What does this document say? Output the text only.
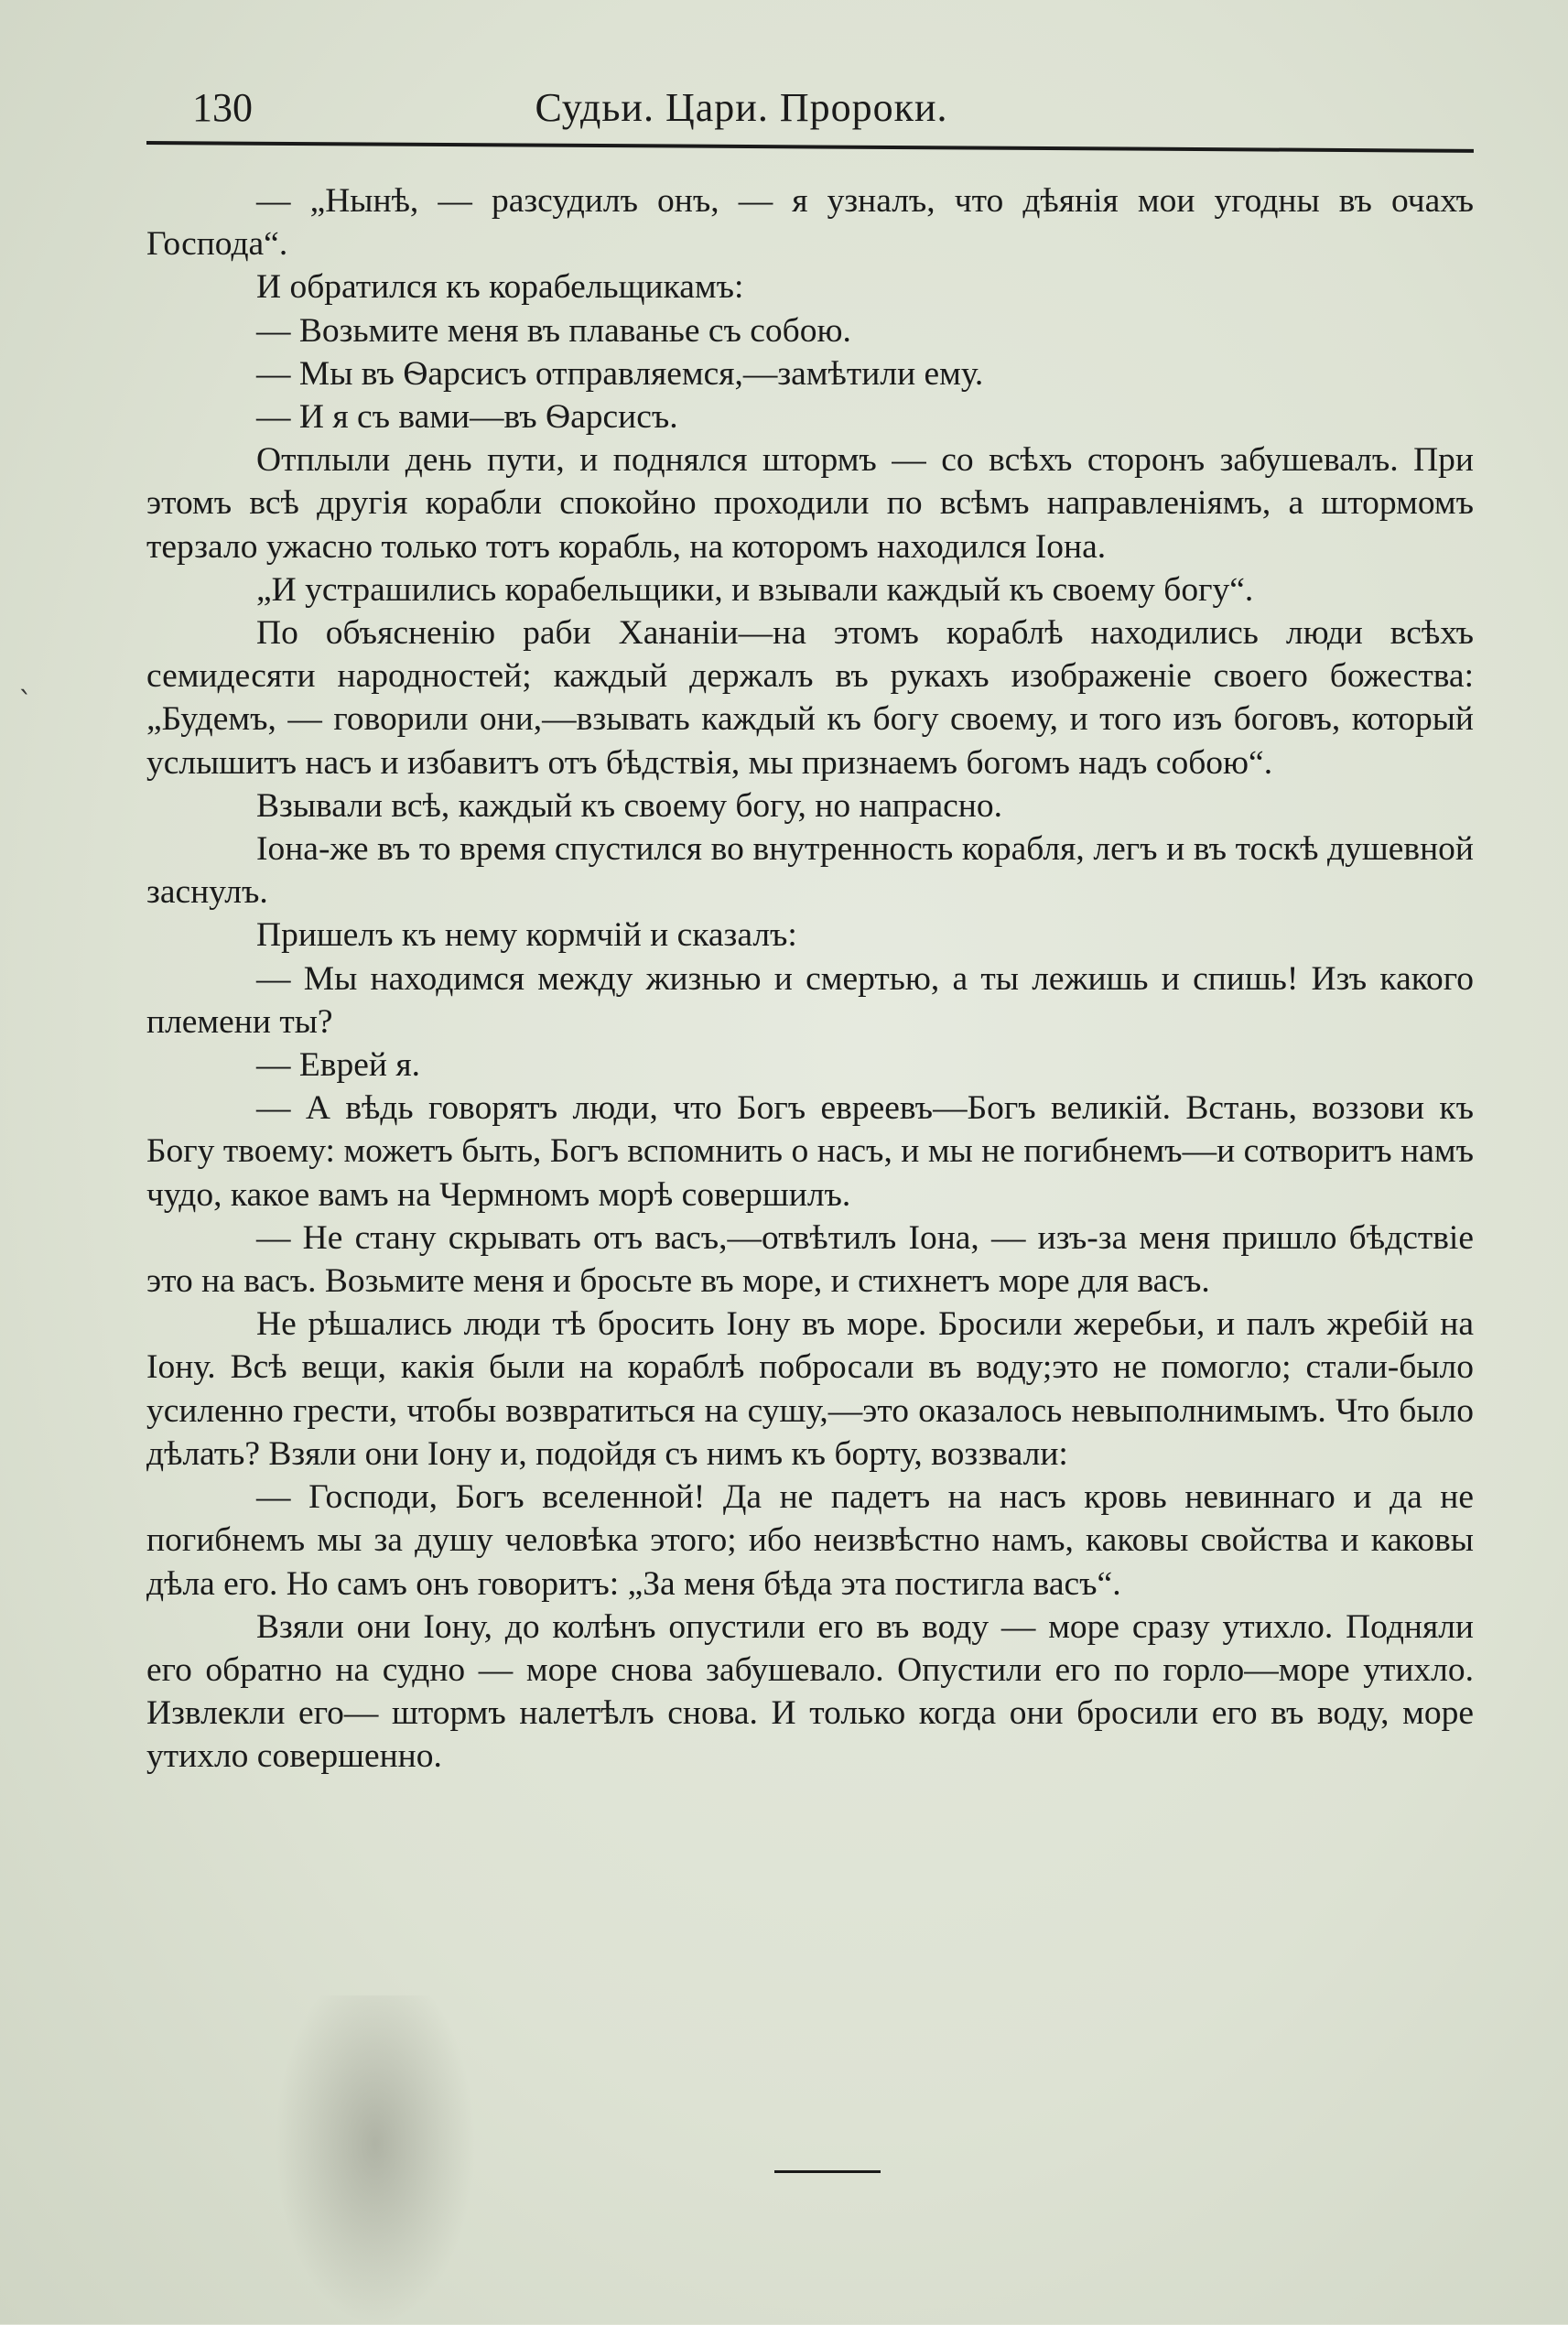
ˋ
130	Судьи. Цари. Пророки.

— „Нынѣ, — разсудилъ онъ, — я узналъ, что дѣянія мои угодны въ очахъ Господа“.

И обратился къ корабельщикамъ:

— Возьмите меня въ плаванье съ собою.

— Мы въ Ѳарсисъ отправляемся,—замѣтили ему.

— И я съ вами—въ Ѳарсисъ.

Отплыли день пути, и поднялся штормъ — со всѣхъ сторонъ забушевалъ. При этомъ всѣ другія корабли спокойно проходили по всѣмъ направленіямъ, а штормомъ терзало ужасно только тотъ корабль, на которомъ находился Іона.

„И устрашились корабельщики, и взывали каждый къ своему богу“.

По объясненію раби Хананіи—на этомъ кораблѣ находились люди всѣхъ семидесяти народностей; каждый держалъ въ рукахъ изображеніе своего божества: „Будемъ, — говорили они,—взывать каждый къ богу своему, и того изъ боговъ, который услышитъ насъ и избавитъ отъ бѣдствія, мы признаемъ богомъ надъ собою“.

Взывали всѣ, каждый къ своему богу, но напрасно.

Іона-же въ то время спустился во внутренность корабля, легъ и въ тоскѣ душевной заснулъ.

Пришелъ къ нему кормчій и сказалъ:

— Мы находимся между жизнью и смертью, а ты лежишь и спишь! Изъ какого племени ты?

— Еврей я.

— А вѣдь говорятъ люди, что Богъ евреевъ—Богъ великій. Встань, воззови къ Богу твоему: можетъ быть, Богъ вспомнить о насъ, и мы не погибнемъ—и сотворитъ намъ чудо, какое вамъ на Чермномъ морѣ совершилъ.

— Не стану скрывать отъ васъ,—отвѣтилъ Іона, — изъ-за меня пришло бѣдствіе это на васъ. Возьмите меня и бросьте въ море, и стихнетъ море для васъ.

Не рѣшались люди тѣ бросить Іону въ море. Бросили жеребьи, и палъ жребій на Іону. Всѣ вещи, какія были на кораблѣ побросали въ воду;это не помогло; стали-было усиленно грести, чтобы возвратиться на сушу,—это оказалось невыполнимымъ. Что было дѣлать? Взяли они Іону и, подойдя съ нимъ къ борту, воззвали:

— Господи, Богъ вселенной! Да не падетъ на насъ кровь невиннаго и да не погибнемъ мы за душу человѣка этого; ибо неизвѣстно намъ, каковы свойства и каковы дѣла его. Но самъ онъ говоритъ: „За меня бѣда эта постигла васъ“.

Взяли они Іону, до колѣнъ опустили его въ воду — море сразу утихло. Подняли его обратно на судно — море снова забушевало. Опустили его по горло—море утихло. Извлекли его— штормъ налетѣлъ снова. И только когда они бросили его въ воду, море утихло совершенно.
